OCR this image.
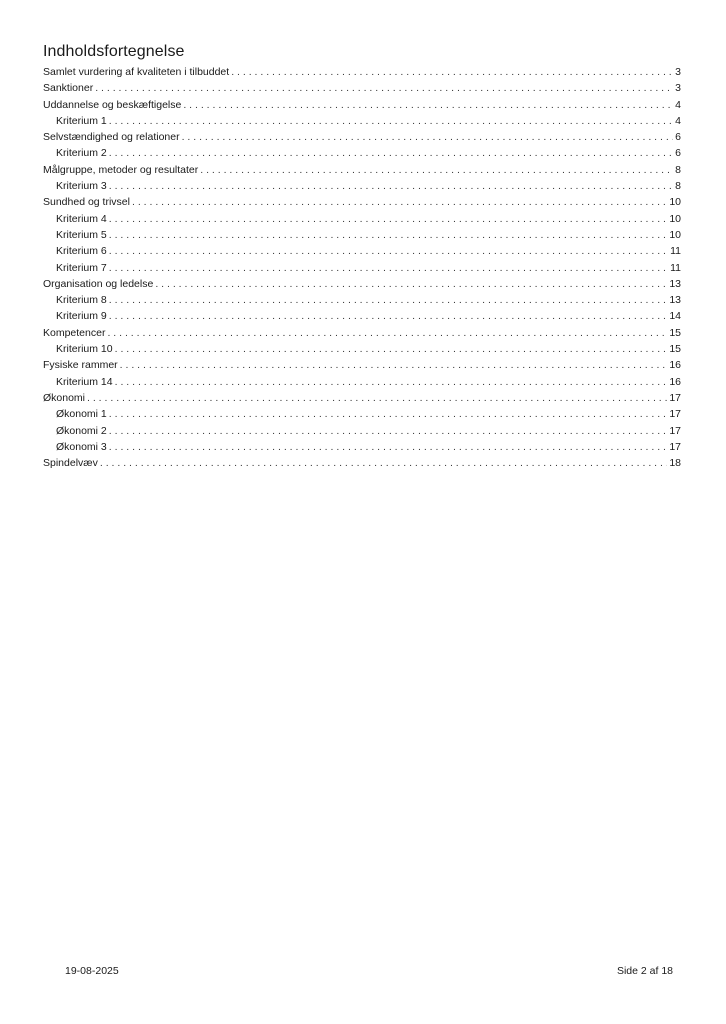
Indholdsfortegnelse
Samlet vurdering af kvaliteten i tilbuddet . . .	3
Sanktioner . . .	3
Uddannelse og beskæftigelse . . .	4
Kriterium 1 . . .	4
Selvstændighed og relationer . . .	6
Kriterium 2 . . .	6
Målgruppe, metoder og resultater . . .	8
Kriterium 3 . . .	8
Sundhed og trivsel . . .	10
Kriterium 4 . . .	10
Kriterium 5 . . .	10
Kriterium 6 . . .	11
Kriterium 7 . . .	11
Organisation og ledelse . . .	13
Kriterium 8 . . .	13
Kriterium 9 . . .	14
Kompetencer . . .	15
Kriterium 10 . . .	15
Fysiske rammer . . .	16
Kriterium 14 . . .	16
Økonomi . . .	17
Økonomi 1 . . .	17
Økonomi 2 . . .	17
Økonomi 3 . . .	17
Spindelvæv . . .	18
19-08-2025	Side 2 af 18
